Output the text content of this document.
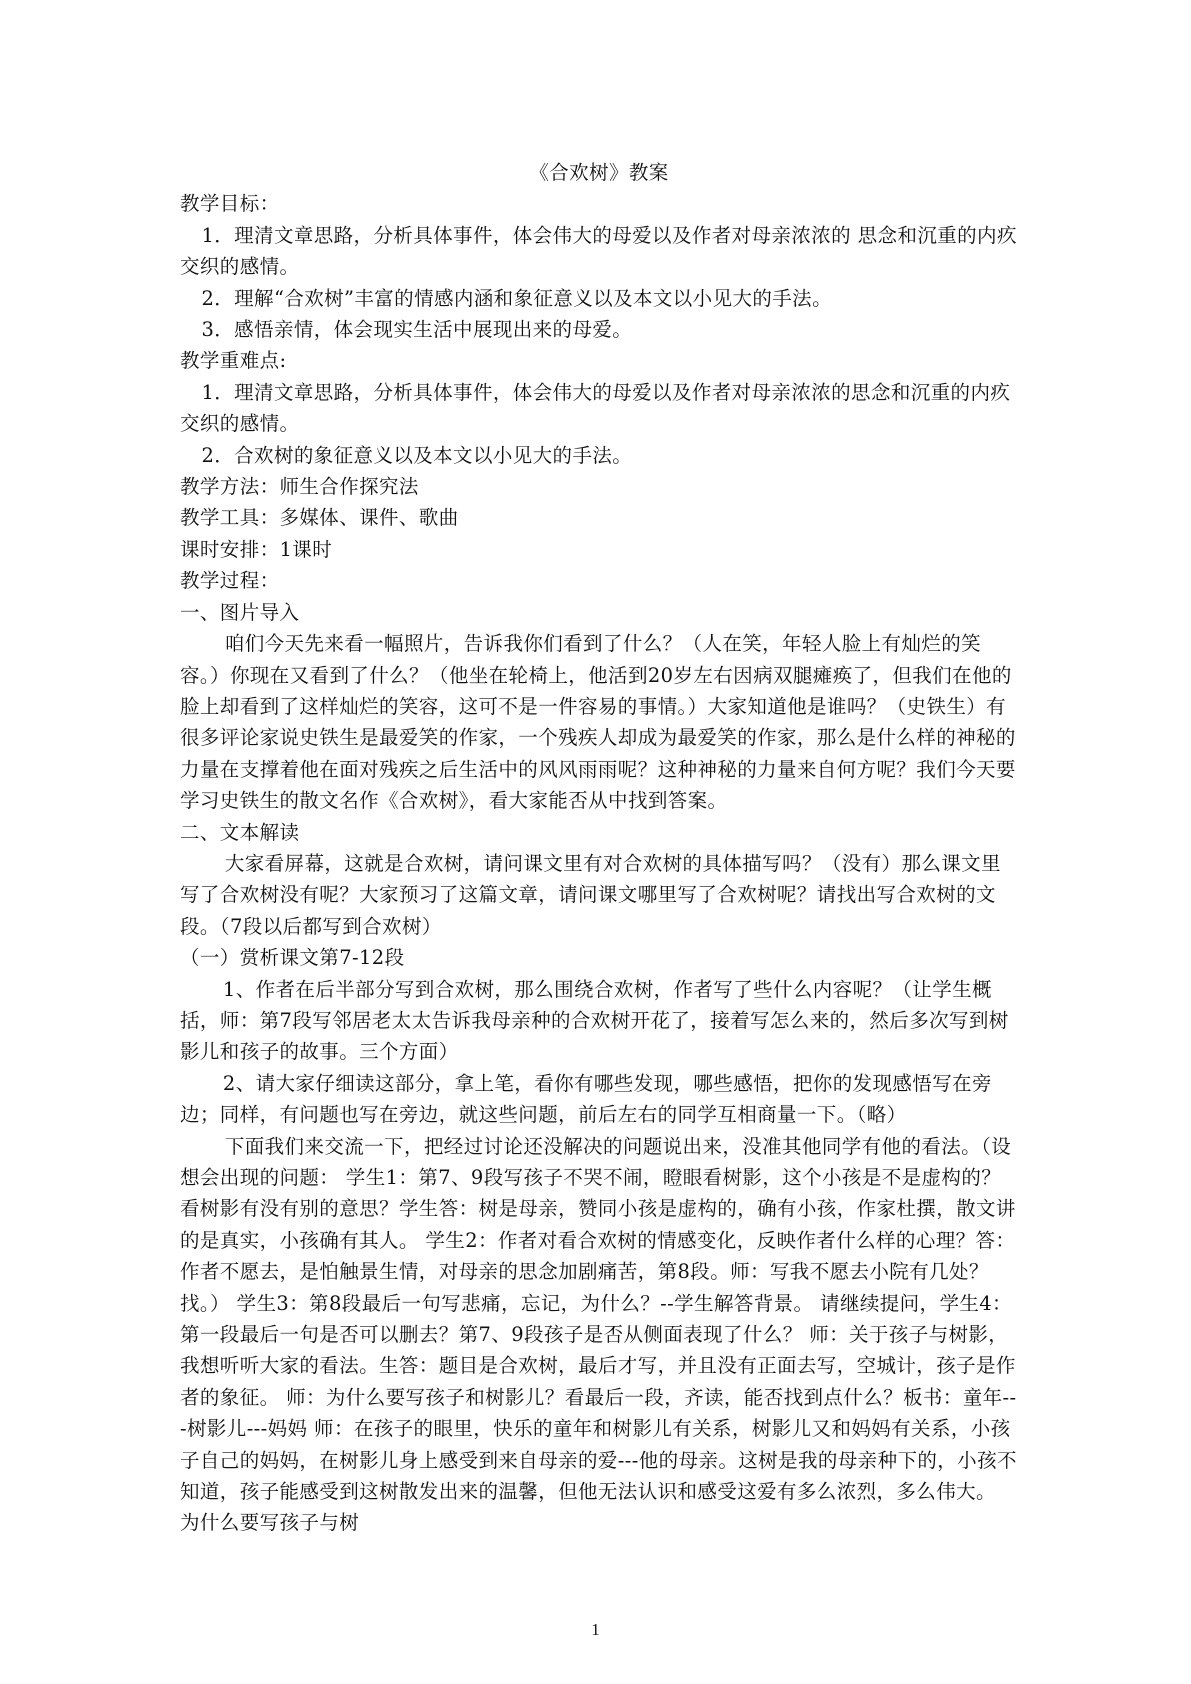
《合欢树》教案

教学目标：

1．理清文章思路，分析具体事件，体会伟大的母爱以及作者对母亲浓浓的 思念和沉重的内疚交织的感情。

2．理解“合欢树”丰富的情感内涵和象征意义以及本文以小见大的手法。

3．感悟亲情，体会现实生活中展现出来的母爱。

教学重难点:

1．理清文章思路，分析具体事件，体会伟大的母爱以及作者对母亲浓浓的思念和沉重的内疚交织的感情。

2．合欢树的象征意义以及本文以小见大的手法。

教学方法：师生合作探究法

教学工具：多媒体、课件、歌曲

课时安排：1课时

教学过程：

一、图片导入

咱们今天先来看一幅照片，告诉我你们看到了什么？（人在笑，年轻人脸上有灿烂的笑容。）你现在又看到了什么？（他坐在轮椅上，他活到20岁左右因病双腿瘫痪了，但我们在他的脸上却看到了这样灿烂的笑容，这可不是一件容易的事情。）大家知道他是谁吗？（史铁生）有很多评论家说史铁生是最爱笑的作家，一个残疾人却成为最爱笑的作家，那么是什么样的神秘的力量在支撑着他在面对残疾之后生活中的风风雨雨呢？这种神秘的力量来自何方呢？我们今天要学习史铁生的散文名作《合欢树》，看大家能否从中找到答案。

二、文本解读

大家看屏幕，这就是合欢树，请问课文里有对合欢树的具体描写吗？（没有）那么课文里写了合欢树没有呢？大家预习了这篇文章，请问课文哪里写了合欢树呢？请找出写合欢树的文段。（7段以后都写到合欢树）

（一）赏析课文第7-12段

1、作者在后半部分写到合欢树，那么围绕合欢树，作者写了些什么内容呢？（让学生概括，师：第7段写邻居老太太告诉我母亲种的合欢树开花了，接着写怎么来的，然后多次写到树影儿和孩子的故事。三个方面）

2、请大家仔细读这部分，拿上笔，看你有哪些发现，哪些感悟，把你的发现感悟写在旁边；同样，有问题也写在旁边，就这些问题，前后左右的同学互相商量一下。（略）

下面我们来交流一下，把经过讨论还没解决的问题说出来，没准其他同学有他的看法。（设想会出现的问题： 学生1：第7、9段写孩子不哭不闹，瞪眼看树影，这个小孩是不是虚构的？看树影有没有别的意思？学生答：树是母亲，赞同小孩是虚构的，确有小孩，作家杜撰，散文讲的是真实，小孩确有其人。 学生2：作者对看合欢树的情感变化，反映作者什么样的心理？答：作者不愿去，是怕触景生情，对母亲的思念加剧痛苦，第8段。师：写我不愿去小院有几处？找。） 学生3：第8段最后一句写悲痛，忘记，为什么？--学生解答背景。 请继续提问，学生4：第一段最后一句是否可以删去？第7、9段孩子是否从侧面表现了什么？ 师：关于孩子与树影，我想听听大家的看法。生答：题目是合欢树，最后才写，并且没有正面去写，空城计，孩子是作者的象征。 师：为什么要写孩子和树影儿？看最后一段，齐读，能否找到点什么？板书：童年---树影儿---妈妈 师：在孩子的眼里，快乐的童年和树影儿有关系，树影儿又和妈妈有关系，小孩子自己的妈妈，在树影儿身上感受到来自母亲的爱---他的母亲。这树是我的母亲种下的，小孩不知道，孩子能感受到这树散发出来的温馨，但他无法认识和感受这爱有多么浓烈，多么伟大。 为什么要写孩子与树

1
